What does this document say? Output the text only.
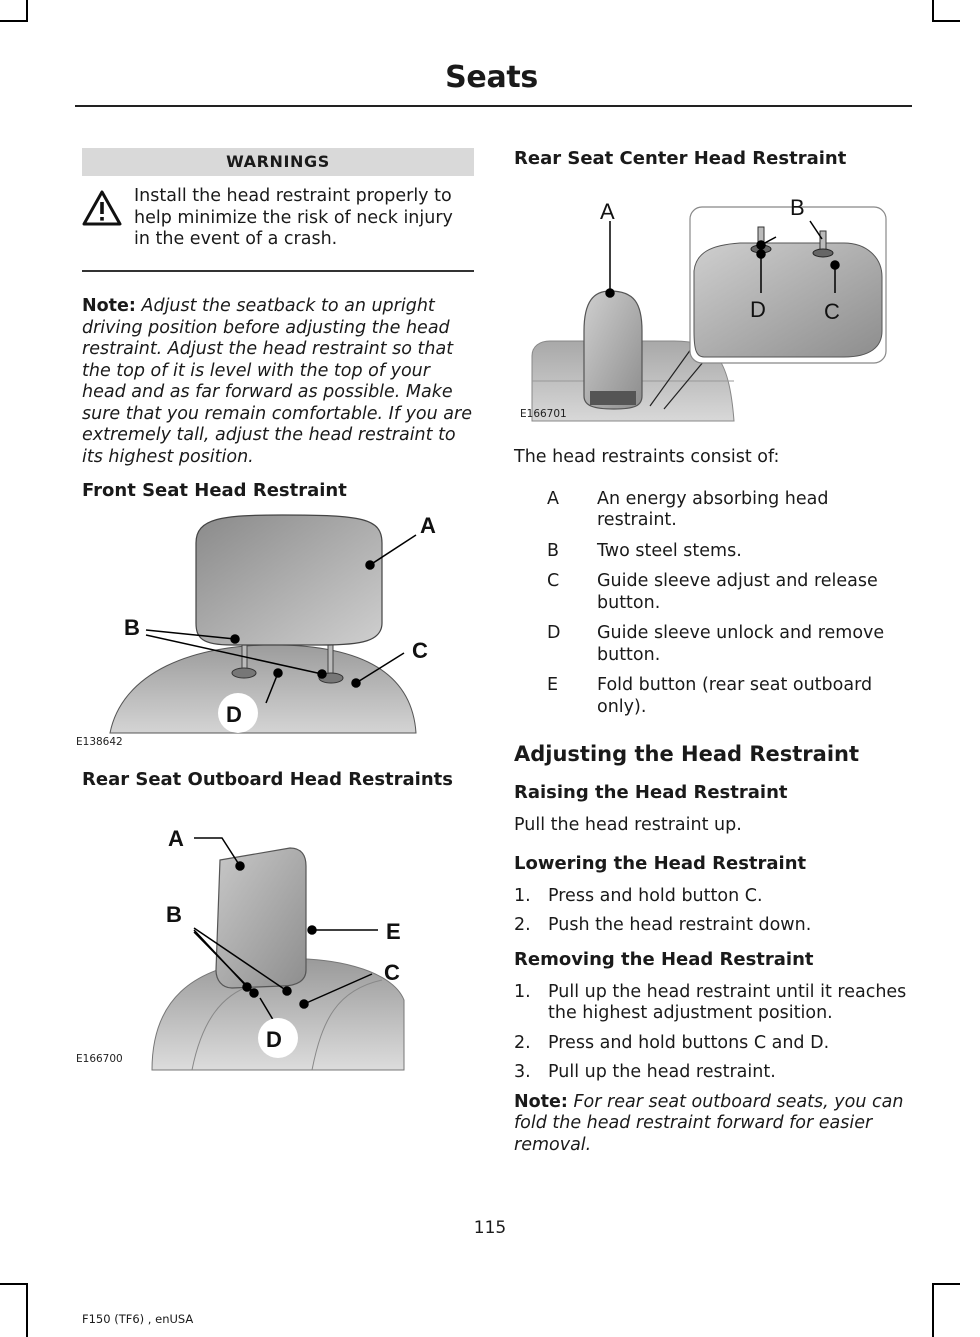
Seats
WARNINGS
Install the head restraint properly to help minimize the risk of neck injury in the event of a crash.
Note: Adjust the seatback to an upright driving position before adjusting the head restraint. Adjust the head restraint so that the top of it is level with the top of your head and as far forward as possible. Make sure that you remain comfortable. If you are extremely tall, adjust the head restraint to its highest position.

Front Seat Head Restraint

A
B
C
D
E138642

Rear Seat Outboard Head Restraints

A
B
E
C
D
E166700

Rear Seat Center Head Restraint

A	B
D	C
E166701
The head restraints consist of:
A	An energy absorbing head restraint.
B	Two steel stems.
C	Guide sleeve adjust and release button.
D	Guide sleeve unlock and remove button.
E	Fold button (rear seat outboard only).

Adjusting the Head Restraint

Raising the Head Restraint

Pull the head restraint up.

Lowering the Head Restraint

1. Press and hold button C.
2. Push the head restraint down.

Removing the Head Restraint

1. Pull up the head restraint until it reaches the highest adjustment position.
2. Press and hold buttons C and D.
3. Pull up the head restraint.
Note: For rear seat outboard seats, you can fold the head restraint forward for easier removal.
115
F150 (TF6) , enUSA
